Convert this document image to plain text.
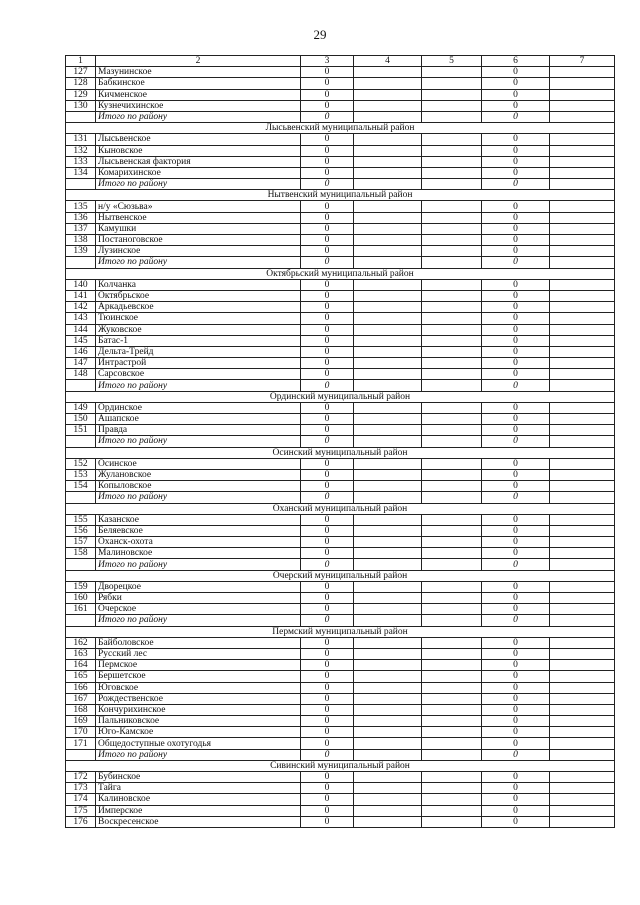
29
1	2	3	4	5	6	7
127	Мазунинское	0			0	
128	Бабкинское	0			0	
129	Кичменское	0			0	
130	Кузнечихинское	0			0	
	Итого по району	0			0	
Лысьвенский муниципальный район						
131	Лысьвенское	0			0	
132	Кыновское	0			0	
133	Лысьвенская фактория	0			0	
134	Комарихинское	0			0	
	Итого по району	0			0	
Нытвенский муниципальный район						
135	н/у «Сюзьва»	0			0	
136	Нытвенское	0			0	
137	Камушки	0			0	
138	Постаноговское	0			0	
139	Лузинское	0			0	
	Итого по району	0			0	
Октябрьский муниципальный район						
140	Колчанка	0			0	
141	Октябрьское	0			0	
142	Аркадьевское	0			0	
143	Тюинское	0			0	
144	Жуковское	0			0	
145	Батас-1	0			0	
146	Дельта-Трейд	0			0	
147	Интрастрой	0			0	
148	Сарсовское	0			0	
	Итого по району	0			0	
Ординский муниципальный район						
149	Ординское	0			0	
150	Ашапское	0			0	
151	Правда	0			0	
	Итого по району	0			0	
Осинский муниципальный район						
152	Осинское	0			0	
153	Жулановское	0			0	
154	Копыловское	0			0	
	Итого по району	0			0	
Оханский муниципальный район						
155	Казанское	0			0	
156	Беляевское	0			0	
157	Оханск-охота	0			0	
158	Малиновское	0			0	
	Итого по району	0			0	
Очерский муниципальный район						
159	Дворецкое	0			0	
160	Рябки	0			0	
161	Очерское	0			0	
	Итого по району	0			0	
Пермский муниципальный район						
162	Байболовское	0			0	
163	Русский лес	0			0	
164	Пермское	0			0	
165	Бершетское	0			0	
166	Юговское	0			0	
167	Рождественское	0			0	
168	Кончурихинское	0			0	
169	Пальниковское	0			0	
170	Юго-Камское	0			0	
171	Общедоступные охотугодья	0			0	
	Итого по району	0			0	
Сивинский муниципальный район						
172	Бубинское	0			0	
173	Тайга	0			0	
174	Калиновское	0			0	
175	Имперское	0			0	
176	Воскресенское	0			0	
